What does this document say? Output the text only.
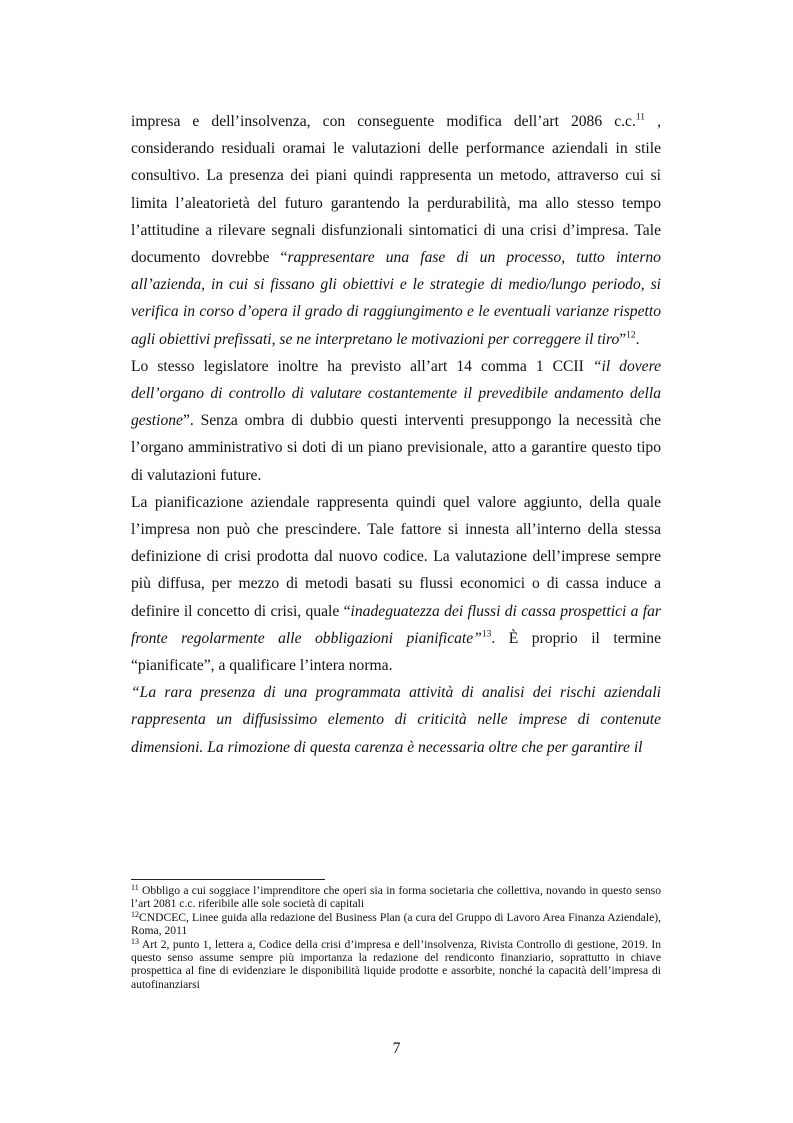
impresa e dell’insolvenza, con conseguente modifica dell’art 2086 c.c.$^{11}$ , considerando residuali oramai le valutazioni delle performance aziendali in stile consultivo. La presenza dei piani quindi rappresenta un metodo, attraverso cui si limita l’aleatorietà del futuro garantendo la perdurabilità, ma allo stesso tempo l’attitudine a rilevare segnali disfunzionali sintomatici di una crisi d’impresa. Tale documento dovrebbe “rappresentare una fase di un processo, tutto interno all’azienda, in cui si fissano gli obiettivi e le strategie di medio/lungo periodo, si verifica in corso d’opera il grado di raggiungimento e le eventuali varianze rispetto agli obiettivi prefissati, se ne interpretano le motivazioni per correggere il tiro”$^{12}$.

Lo stesso legislatore inoltre ha previsto all’art 14 comma 1 CCII “il dovere dell’organo di controllo di valutare costantemente il prevedibile andamento della gestione”. Senza ombra di dubbio questi interventi presuppongo la necessità che l’organo amministrativo si doti di un piano previsionale, atto a garantire questo tipo di valutazioni future.

La pianificazione aziendale rappresenta quindi quel valore aggiunto, della quale l’impresa non può che prescindere. Tale fattore si innesta all’interno della stessa definizione di crisi prodotta dal nuovo codice. La valutazione dell’imprese sempre più diffusa, per mezzo di metodi basati su flussi economici o di cassa induce a definire il concetto di crisi, quale “inadeguatezza dei flussi di cassa prospettici a far fronte regolarmente alle obbligazioni pianificate”$^{13}$. È proprio il termine “pianificate”, a qualificare l’intera norma.

“La rara presenza di una programmata attività di analisi dei rischi aziendali rappresenta un diffusissimo elemento di criticità nelle imprese di contenute dimensioni. La rimozione di questa carenza è necessaria oltre che per garantire il

$^{11}$ Obbligo a cui soggiace l’imprenditore che operi sia in forma societaria che collettiva, novando in questo senso l’art 2081 c.c. riferibile alle sole società di capitali

$^{12}$CNDCEC, Linee guida alla redazione del Business Plan (a cura del Gruppo di Lavoro Area Finanza Aziendale), Roma, 2011

$^{13}$ Art 2, punto 1, lettera a, Codice della crisi d’impresa e dell’insolvenza, Rivista Controllo di gestione, 2019. In questo senso assume sempre più importanza la redazione del rendiconto finanziario, soprattutto in chiave prospettica al fine di evidenziare le disponibilità liquide prodotte e assorbite, nonché la capacità dell’impresa di autofinanziarsi

7
